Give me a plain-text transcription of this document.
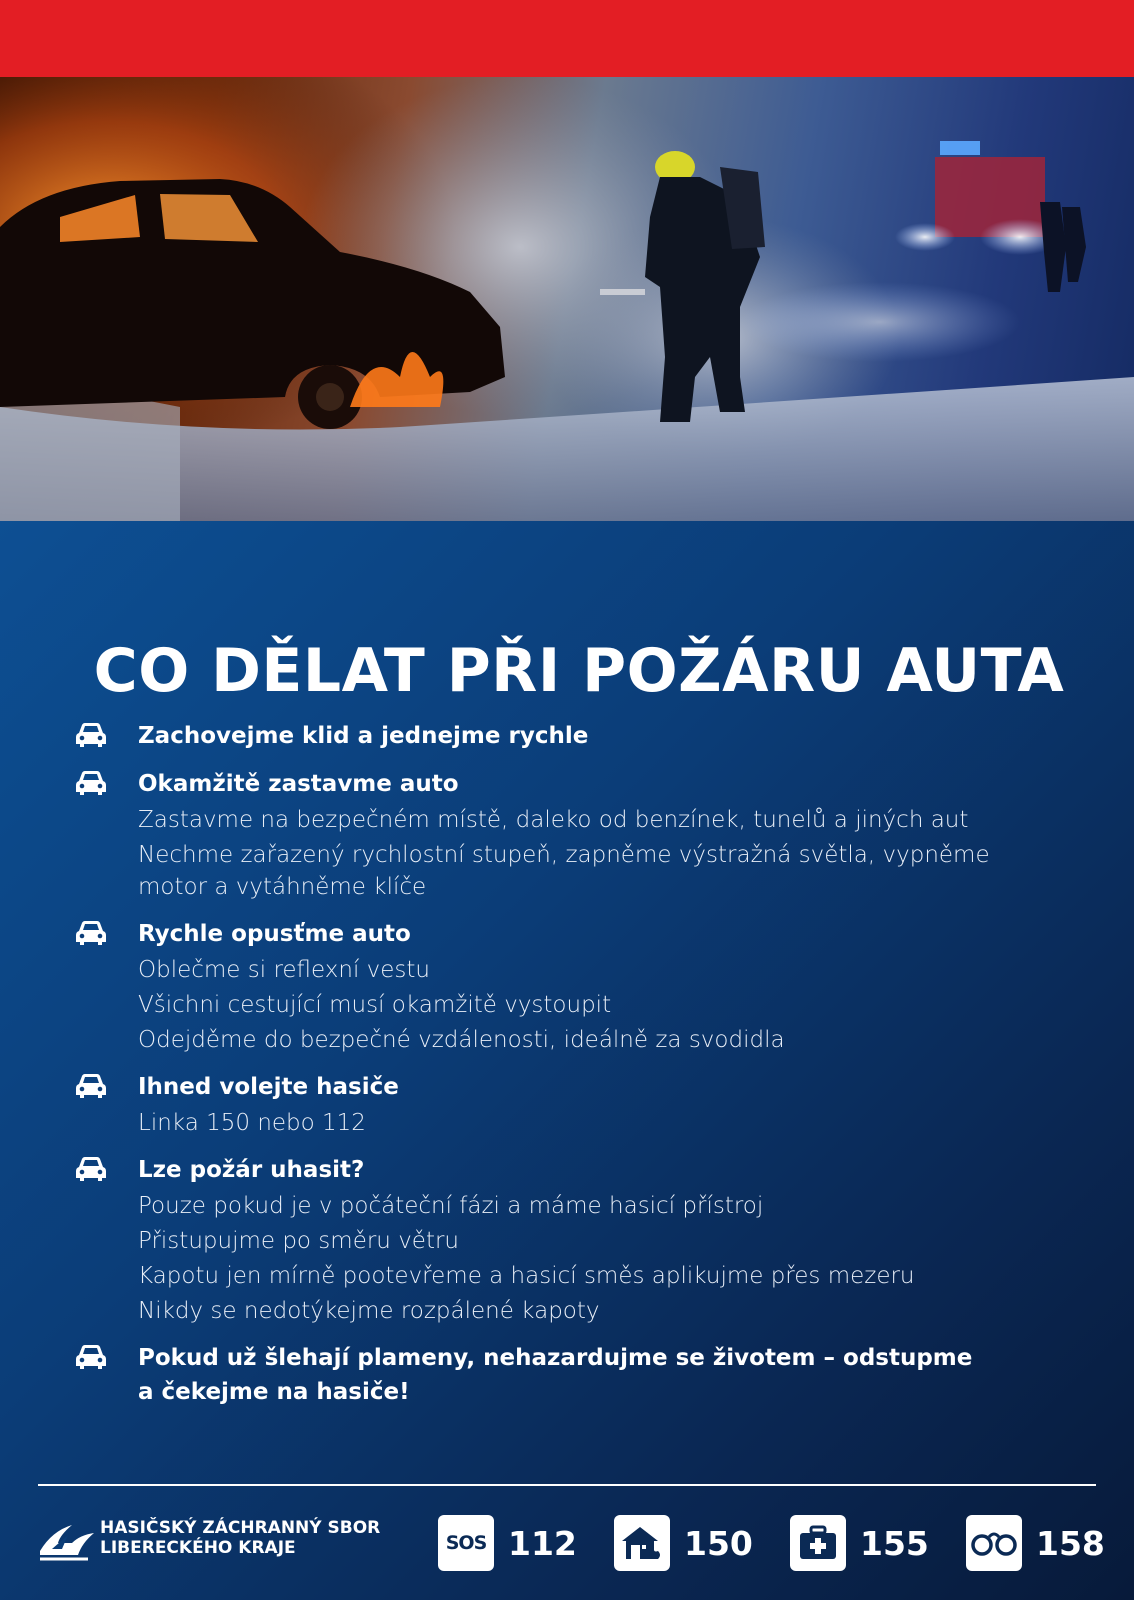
CO DĚLAT PŘI POŽÁRU AUTA

Zachovejme klid a jednejme rychle

Okamžitě zastavme auto

Zastavme na bezpečném místě, daleko od benzínek, tunelů a jiných aut

Nechme zařazený rychlostní stupeň, zapněme výstražná světla, vypněme motor a vytáhněme klíče

Rychle opusťme auto

Oblečme si reflexní vestu

Všichni cestující musí okamžitě vystoupit

Odejděme do bezpečné vzdálenosti, ideálně za svodidla

Ihned volejte hasiče

Linka 150 nebo 112

Lze požár uhasit?

Pouze pokud je v počáteční fázi a máme hasicí přístroj

Přistupujme po směru větru

Kapotu jen mírně pootevřeme a hasicí směs aplikujme přes mezeru

Nikdy se nedotýkejme rozpálené kapoty

Pokud už šlehají plameny, nehazardujme se životem – odstupme a čekejme na hasiče!

HASIČSKÝ ZÁCHRANNÝ SBOR
LIBERECKÉHO KRAJE	SOS 112	150	155	158
